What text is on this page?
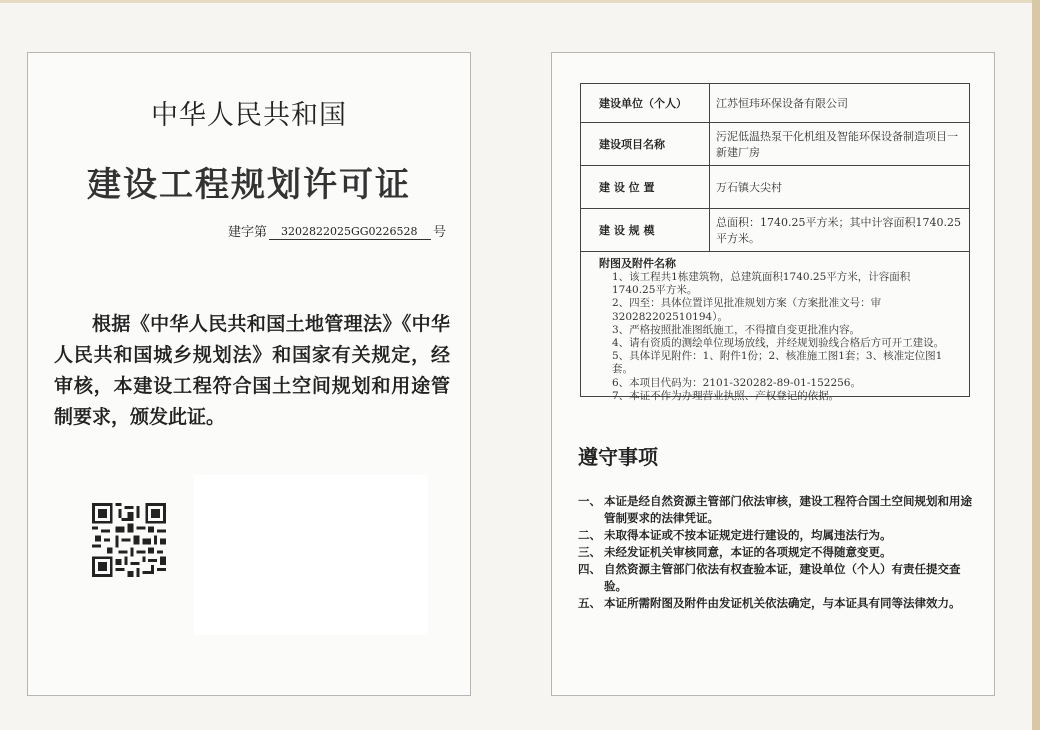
中华人民共和国
建设工程规划许可证
建字第	3202822025GG0226528	号
根据《中华人民共和国土地管理法》《中华人民共和国城乡规划法》和国家有关规定，经审核，本建设工程符合国土空间规划和用途管制要求，颁发此证。
建设单位（个人）	江苏恒玮环保设备有限公司
建设项目名称	污泥低温热泵干化机组及智能环保设备制造项目一新建厂房
建 设 位 置	万石镇大尖村
建 设 规 模	总面积：1740.25平方米；其中计容面积1740.25平方米。
附图及附件名称
1、该工程共1栋建筑物，总建筑面积1740.25平方米，计容面积1740.25平方米。
2、四至：具体位置详见批准规划方案（方案批准文号：审320282202510194）。
3、严格按照批准图纸施工，不得擅自变更批准内容。
4、请有资质的测绘单位现场放线，并经规划验线合格后方可开工建设。
5、具体详见附件：1、附件1份；2、核准施工图1套；3、核准定位图1套。
6、本项目代码为：2101-320282-89-01-152256。
7、本证不作为办理营业执照、产权登记的依据。
遵守事项
一、 本证是经自然资源主管部门依法审核，建设工程符合国土空间规划和用途管制要求的法律凭证。
二、 未取得本证或不按本证规定进行建设的，均属违法行为。
三、 未经发证机关审核同意，本证的各项规定不得随意变更。
四、 自然资源主管部门依法有权查验本证，建设单位（个人）有责任提交查验。
五、 本证所需附图及附件由发证机关依法确定，与本证具有同等法律效力。
